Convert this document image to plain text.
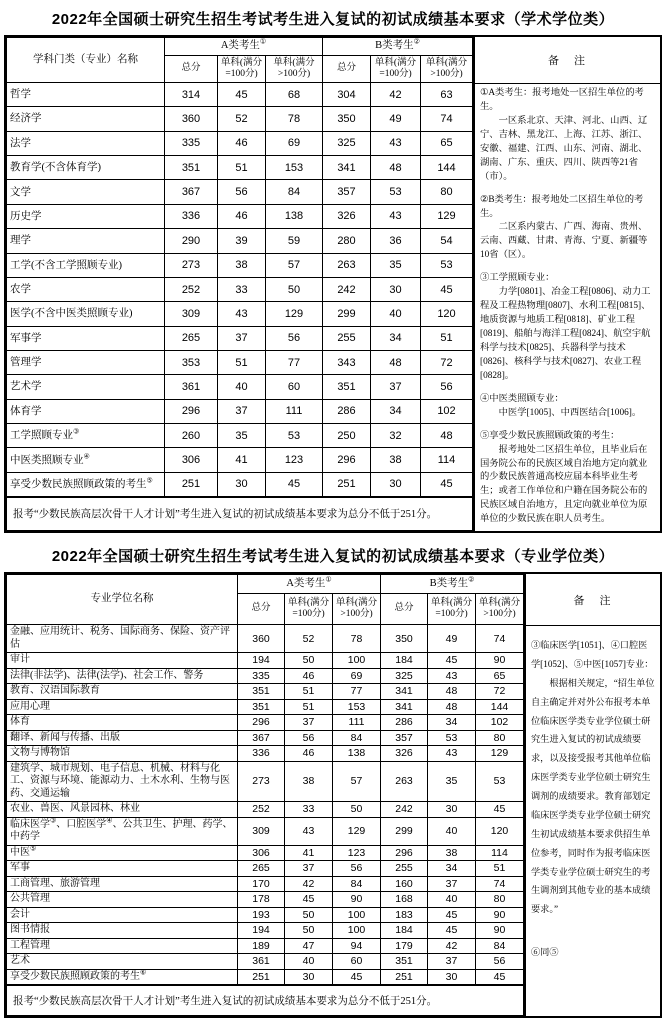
2022年全国硕士研究生招生考试考生进入复试的初试成绩基本要求（学术学位类）
学科门类（专业）名称	A类考生①			B类考生②
	总分	单科(满分=100分)	单科(满分>100分)	总分	单科(满分=100分)	单科(满分>100分)
哲学	314	45	68	304	42	63
经济学	360	52	78	350	49	74
法学	335	46	69	325	43	65
教育学(不含体育学)	351	51	153	341	48	144
文学	367	56	84	357	53	80
历史学	336	46	138	326	43	129
理学	290	39	59	280	36	54
工学(不含工学照顾专业)	273	38	57	263	35	53
农学	252	33	50	242	30	45
医学(不含中医类照顾专业)	309	43	129	299	40	120
军事学	265	37	56	255	34	51
管理学	353	51	77	343	48	72
艺术学	361	40	60	351	37	56
体育学	296	37	111	286	34	102
工学照顾专业③	260	35	53	250	32	48
中医类照顾专业④	306	41	123	296	38	114
享受少数民族照顾政策的考生⑤	251	30	45	251	30	45
报考“少数民族高层次骨干人才计划”考生进入复试的初试成绩基本要求为总分不低于251分。						
备　注

①A类考生：报考地处一区招生单位的考生。

一区系北京、天津、河北、山西、辽宁、吉林、黑龙江、上海、江苏、浙江、安徽、福建、江西、山东、河南、湖北、湖南、广东、重庆、四川、陕西等21省（市）。

②B类考生：报考地处二区招生单位的考生。

二区系内蒙古、广西、海南、贵州、云南、西藏、甘肃、青海、宁夏、新疆等10省（区）。

③工学照顾专业：

力学[0801]、冶金工程[0806]、动力工程及工程热物理[0807]、水利工程[0815]、地质资源与地质工程[0818]、矿业工程[0819]、船舶与海洋工程[0824]、航空宇航科学与技术[0825]、兵器科学与技术[0826]、核科学与技术[0827]、农业工程[0828]。

④中医类照顾专业：

中医学[1005]、中西医结合[1006]。

⑤享受少数民族照顾政策的考生：

报考地处二区招生单位，且毕业后在国务院公布的民族区域自治地方定向就业的少数民族普通高校应届本科毕业生考生；或者工作单位和户籍在国务院公布的民族区域自治地方，且定向就业单位为原单位的少数民族在职人员考生。

2022年全国硕士研究生招生考试考生进入复试的初试成绩基本要求（专业学位类）
专业学位名称	A类考生①			B类考生②
	总分	单科(满分=100分)	单科(满分>100分)	总分	单科(满分=100分)	单科(满分>100分)
金融、应用统计、税务、国际商务、保险、资产评估	360	52	78	350	49	74
审计	194	50	100	184	45	90
法律(非法学)、法律(法学)、社会工作、警务	335	46	69	325	43	65
教育、汉语国际教育	351	51	77	341	48	72
应用心理	351	51	153	341	48	144
体育	296	37	111	286	34	102
翻译、新闻与传播、出版	367	56	84	357	53	80
文物与博物馆	336	46	138	326	43	129
建筑学、城市规划、电子信息、机械、材料与化工、资源与环境、能源动力、土木水利、生物与医药、交通运输	273	38	57	263	35	53
农业、兽医、风景园林、林业	252	33	50	242	30	45
临床医学③、口腔医学④、公共卫生、护理、药学、中药学	309	43	129	299	40	120
中医⑤	306	41	123	296	38	114
军事	265	37	56	255	34	51
工商管理、旅游管理	170	42	84	160	37	74
公共管理	178	45	90	168	40	80
会计	193	50	100	183	45	90
图书情报	194	50	100	184	45	90
工程管理	189	47	94	179	42	84
艺术	361	40	60	351	37	56
享受少数民族照顾政策的考生⑥	251	30	45	251	30	45
报考“少数民族高层次骨干人才计划”考生进入复试的初试成绩基本要求为总分不低于251分。						
备　注

③临床医学[1051]、④口腔医学[1052]、⑤中医[1057]专业：

根据相关规定，“招生单位自主确定并对外公布报考本单位临床医学类专业学位硕士研究生进入复试的初试成绩要求，以及接受报考其他单位临床医学类专业学位硕士研究生调剂的成绩要求。教育部划定临床医学类专业学位硕士研究生初试成绩基本要求供招生单位参考，同时作为报考临床医学类专业学位硕士研究生的考生调剂到其他专业的基本成绩要求。”

⑥同⑤
